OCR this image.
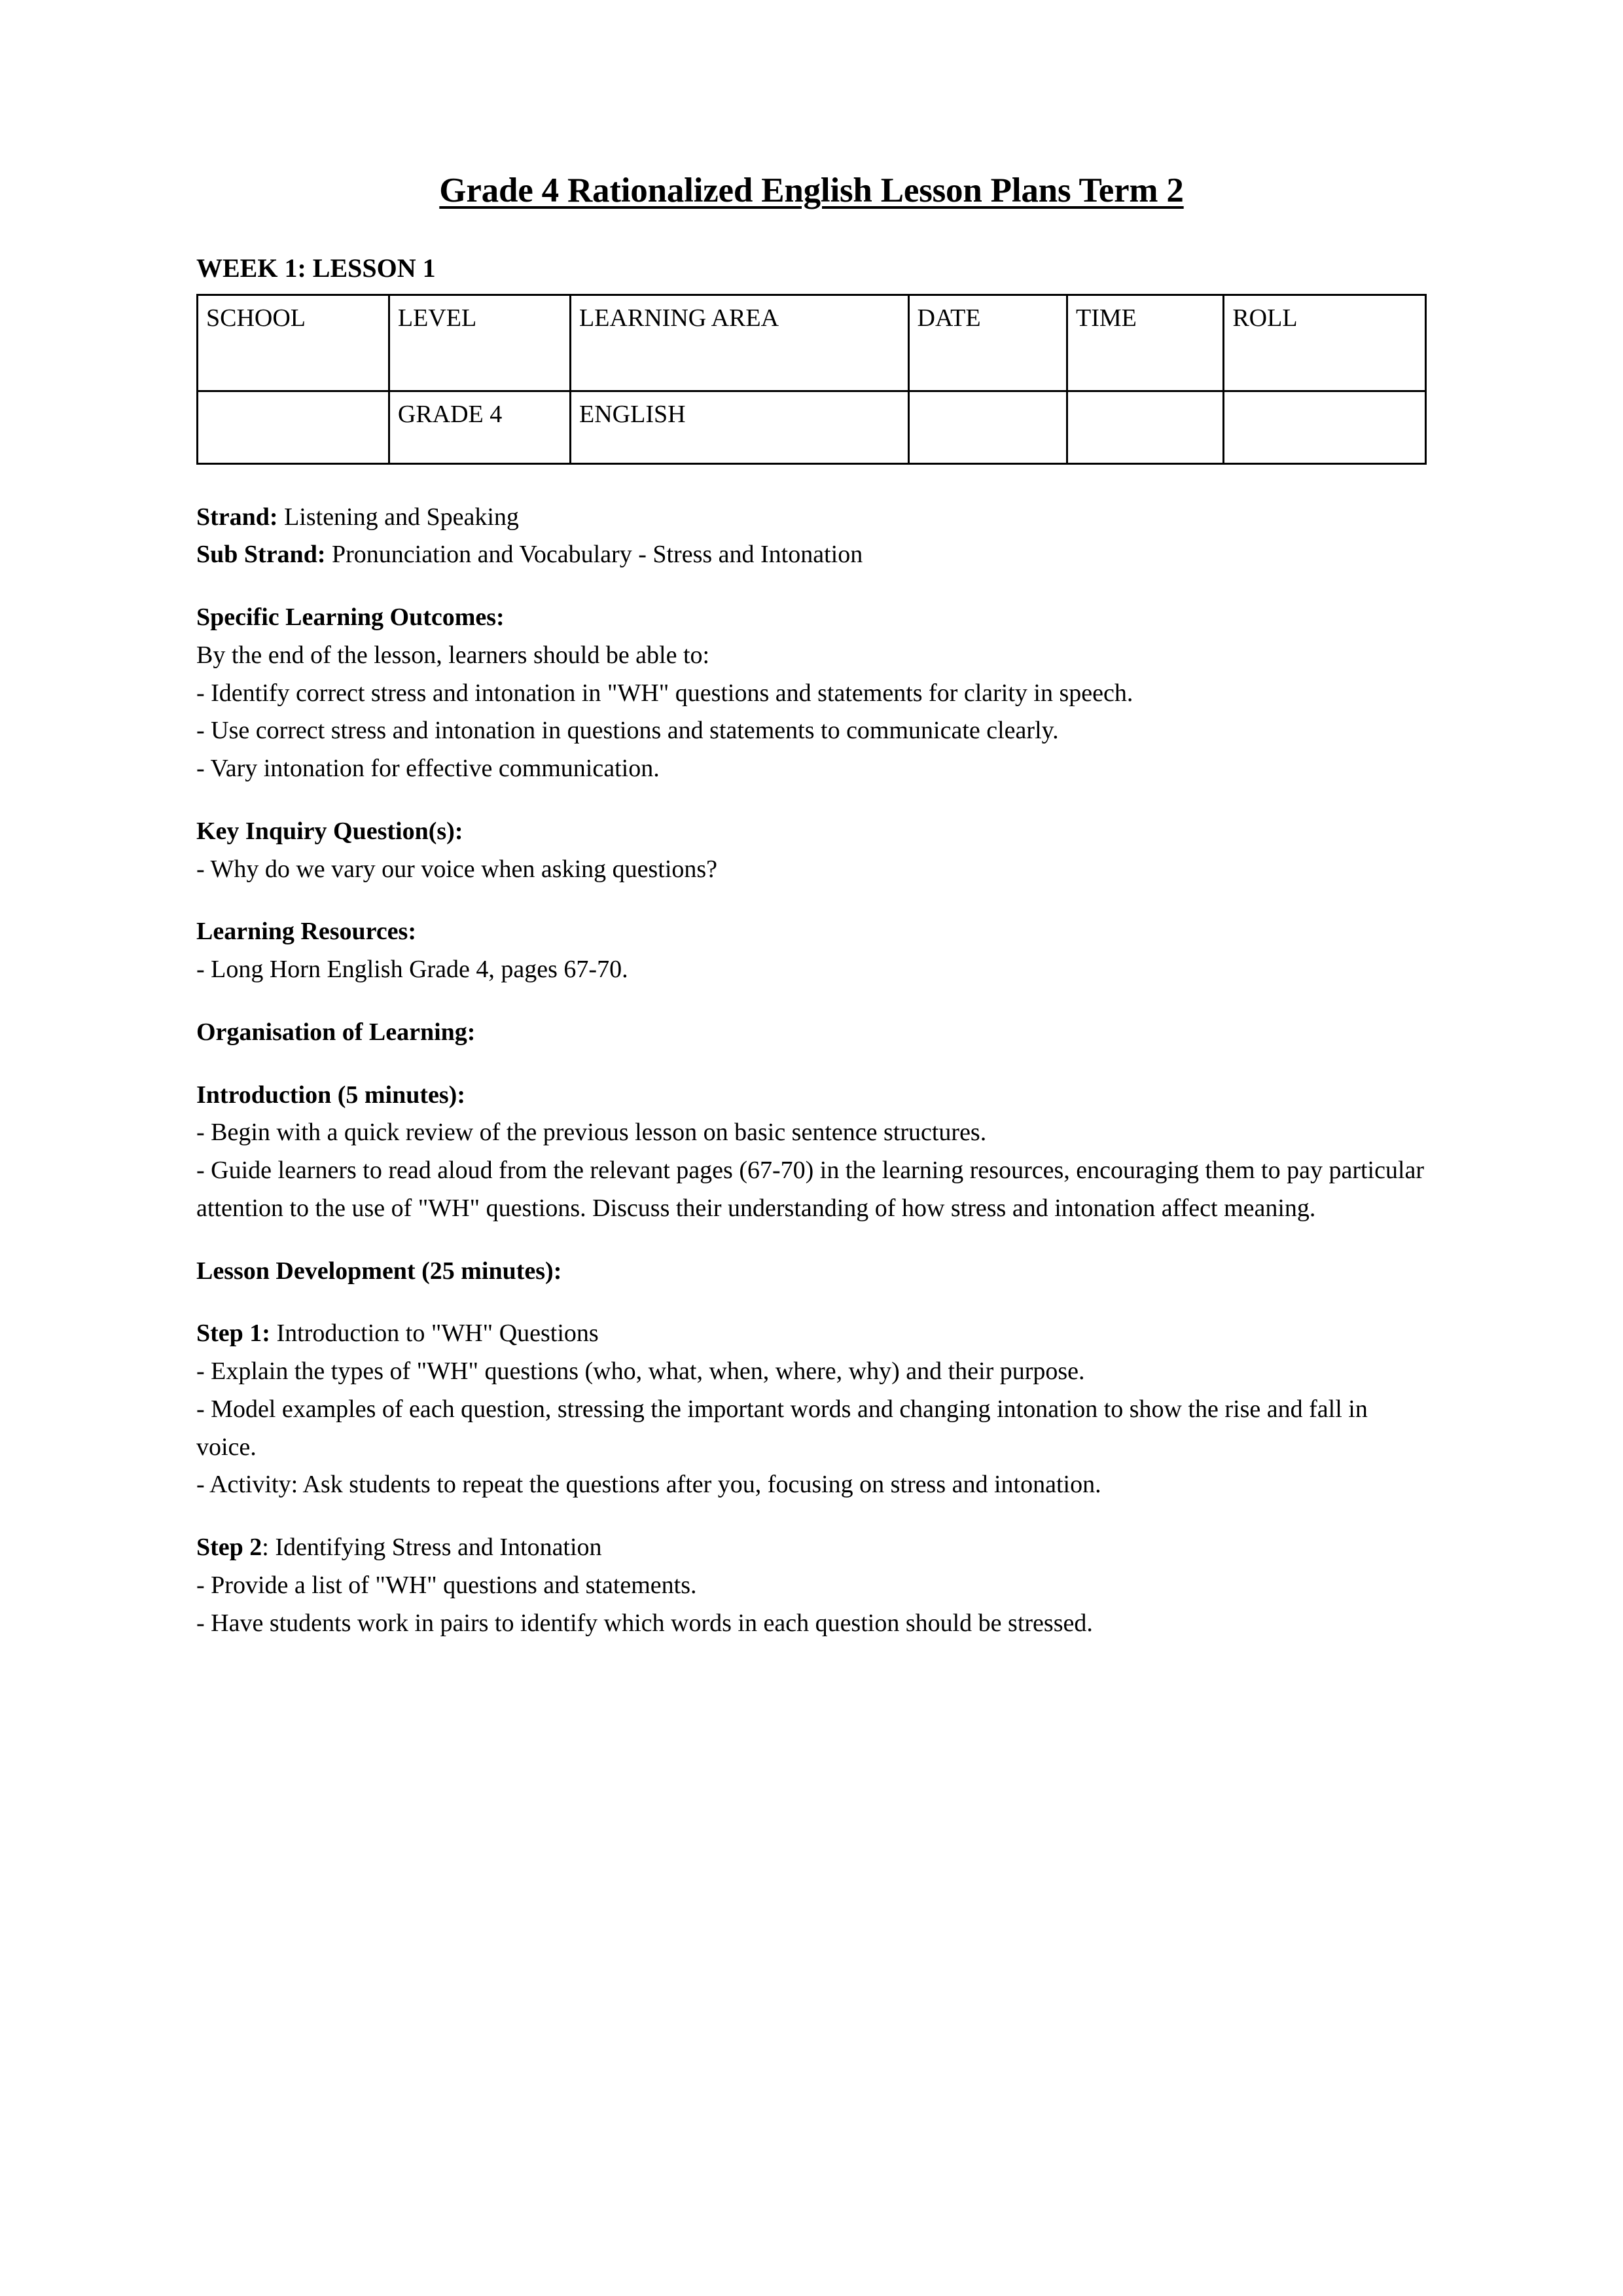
Grade 4 Rationalized English Lesson Plans Term 2
WEEK 1: LESSON 1
SCHOOL	LEVEL	LEARNING AREA	DATE	TIME	ROLL
	GRADE 4	ENGLISH			

Strand: Listening and Speaking

Sub Strand: Pronunciation and Vocabulary - Stress and Intonation

Specific Learning Outcomes:

By the end of the lesson, learners should be able to:

- Identify correct stress and intonation in "WH" questions and statements for clarity in speech.

- Use correct stress and intonation in questions and statements to communicate clearly.

- Vary intonation for effective communication.

Key Inquiry Question(s):

- Why do we vary our voice when asking questions?

Learning Resources:

- Long Horn English Grade 4, pages 67-70.

Organisation of Learning:

Introduction (5 minutes):

- Begin with a quick review of the previous lesson on basic sentence structures.

- Guide learners to read aloud from the relevant pages (67-70) in the learning resources, encouraging them to pay particular attention to the use of "WH" questions. Discuss their understanding of how stress and intonation affect meaning.

Lesson Development (25 minutes):

Step 1: Introduction to "WH" Questions

- Explain the types of "WH" questions (who, what, when, where, why) and their purpose.

- Model examples of each question, stressing the important words and changing intonation to show the rise and fall in voice.

- Activity: Ask students to repeat the questions after you, focusing on stress and intonation.

Step 2: Identifying Stress and Intonation

- Provide a list of "WH" questions and statements.

- Have students work in pairs to identify which words in each question should be stressed.
